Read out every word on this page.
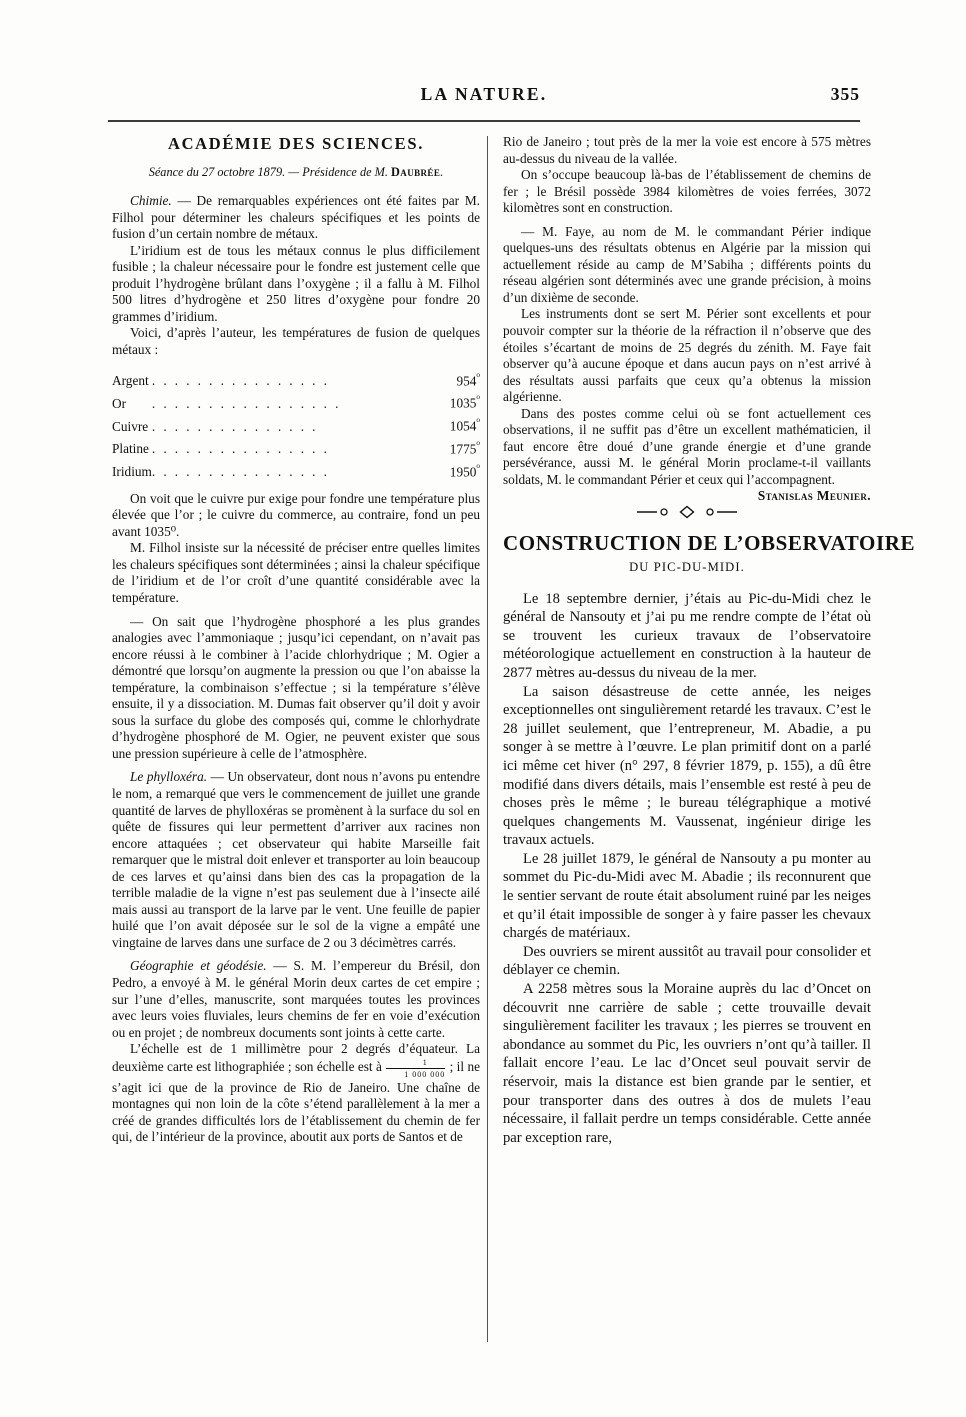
LA NATURE.	355
ACADÉMIE DES SCIENCES.

Séance du 27 octobre 1879. — Présidence de M. Daubrée.

Chimie. — De remarquables expériences ont été faites par M. Filhol pour déterminer les chaleurs spécifiques et les points de fusion d’un certain nombre de métaux.

L’iridium est de tous les métaux connus le plus difficilement fusible ; la chaleur nécessaire pour le fondre est justement celle que produit l’hydrogène brûlant dans l’oxygène ; il a fallu à M. Filhol 500 litres d’hydrogène et 250 litres d’oxygène pour fondre 20 grammes d’iridium.

Voici, d’après l’auteur, les températures de fusion de quelques métaux :

Argent	. . . . . . . . . . . . . . . .	$954^{^0}$
Or	. . . . . . . . . . . . . . . . .	$1035^{^0}$
Cuivre	. . . . . . . . . . . . . . .	$1054^{^0}$
Platine	. . . . . . . . . . . . . . . .	$1775^{^0}$
Iridium	. . . . . . . . . . . . . . . .	$1950^{^0}$

On voit que le cuivre pur exige pour fondre une température plus élevée que l’or ; le cuivre du commerce, au contraire, fond un peu avant 1035⁰.

M. Filhol insiste sur la nécessité de préciser entre quelles limites les chaleurs spécifiques sont déterminées ; ainsi la chaleur spécifique de l’iridium et de l’or croît d’une quantité considérable avec la température.

— On sait que l’hydrogène phosphoré a les plus grandes analogies avec l’ammoniaque ; jusqu’ici cependant, on n’avait pas encore réussi à le combiner à l’acide chlorhydrique ; M. Ogier a démontré que lorsqu’on augmente la pression ou que l’on abaisse la température, la combinaison s’effectue ; si la température s’élève ensuite, il y a dissociation. M. Dumas fait observer qu’il doit y avoir sous la surface du globe des composés qui, comme le chlorhydrate d’hydrogène phosphoré de M. Ogier, ne peuvent exister que sous une pression supérieure à celle de l’atmosphère.

Le phylloxéra. — Un observateur, dont nous n’avons pu entendre le nom, a remarqué que vers le commencement de juillet une grande quantité de larves de phylloxéras se promènent à la surface du sol en quête de fissures qui leur permettent d’arriver aux racines non encore attaquées ; cet observateur qui habite Marseille fait remarquer que le mistral doit enlever et transporter au loin beaucoup de ces larves et qu’ainsi dans bien des cas la propagation de la terrible maladie de la vigne n’est pas seulement due à l’insecte ailé mais aussi au transport de la larve par le vent. Une feuille de papier huilé que l’on avait déposée sur le sol de la vigne a empâté une vingtaine de larves dans une surface de 2 ou 3 décimètres carrés.

Géographie et géodésie. — S. M. l’empereur du Brésil, don Pedro, a envoyé à M. le général Morin deux cartes de cet empire ; sur l’une d’elles, manuscrite, sont marquées toutes les provinces avec leurs voies fluviales, leurs chemins de fer en voie d’exécution ou en projet ; de nombreux documents sont joints à cette carte.

L’échelle est de 1 millimètre pour 2 degrés d’équateur. La deuxième carte est lithographiée ; son échelle est à $\frac{1}{1 000 000}$ ; il ne s’agit ici que de la province de Rio de Janeiro. Une chaîne de montagnes qui non loin de la côte s’étend parallèlement à la mer a créé de grandes difficultés lors de l’établissement du chemin de fer qui, de l’intérieur de la province, aboutit aux ports de Santos et de

Rio de Janeiro ; tout près de la mer la voie est encore à 575 mètres au-dessus du niveau de la vallée.

On s’occupe beaucoup là-bas de l’établissement de chemins de fer ; le Brésil possède 3984 kilomètres de voies ferrées, 3072 kilomètres sont en construction.

— M. Faye, au nom de M. le commandant Périer indique quelques-uns des résultats obtenus en Algérie par la mission qui actuellement réside au camp de M’Sabiha ; différents points du réseau algérien sont déterminés avec une grande précision, à moins d’un dixième de seconde.

Les instruments dont se sert M. Périer sont excellents et pour pouvoir compter sur la théorie de la réfraction il n’observe que des étoiles s’écartant de moins de 25 degrés du zénith. M. Faye fait observer qu’à aucune époque et dans aucun pays on n’est arrivé à des résultats aussi parfaits que ceux qu’a obtenus la mission algérienne.

Dans des postes comme celui où se font actuellement ces observations, il ne suffit pas d’être un excellent mathématicien, il faut encore être doué d’une grande énergie et d’une grande persévérance, aussi M. le général Morin proclame-t-il vaillants soldats, M. le commandant Périer et ceux qui l’accompagnent.
Stanislas Meunier.

CONSTRUCTION DE L’OBSERVATOIRE
DU PIC-DU-MIDI.

Le 18 septembre dernier, j’étais au Pic-du-Midi chez le général de Nansouty et j’ai pu me rendre compte de l’état où se trouvent les curieux travaux de l’observatoire météorologique actuellement en construction à la hauteur de 2877 mètres au-dessus du niveau de la mer.

La saison désastreuse de cette année, les neiges exceptionnelles ont singulièrement retardé les travaux. C’est le 28 juillet seulement, que l’entrepreneur, M. Abadie, a pu songer à se mettre à l’œuvre. Le plan primitif dont on a parlé ici même cet hiver (n° 297, 8 février 1879, p. 155), a dû être modifié dans divers détails, mais l’ensemble est resté à peu de choses près le même ; le bureau télégraphique a motivé quelques changements M. Vaussenat, ingénieur dirige les travaux actuels.

Le 28 juillet 1879, le général de Nansouty a pu monter au sommet du Pic-du-Midi avec M. Abadie ; ils reconnurent que le sentier servant de route était absolument ruiné par les neiges et qu’il était impossible de songer à y faire passer les chevaux chargés de matériaux.

Des ouvriers se mirent aussitôt au travail pour consolider et déblayer ce chemin.

A 2258 mètres sous la Moraine auprès du lac d’Oncet on découvrit nne carrière de sable ; cette trouvaille devait singulièrement faciliter les travaux ; les pierres se trouvent en abondance au sommet du Pic, les ouvriers n’ont qu’à tailler. Il fallait encore l’eau. Le lac d’Oncet seul pouvait servir de réservoir, mais la distance est bien grande par le sentier, et pour transporter dans des outres à dos de mulets l’eau nécessaire, il fallait perdre un temps considérable. Cette année par exception rare,
